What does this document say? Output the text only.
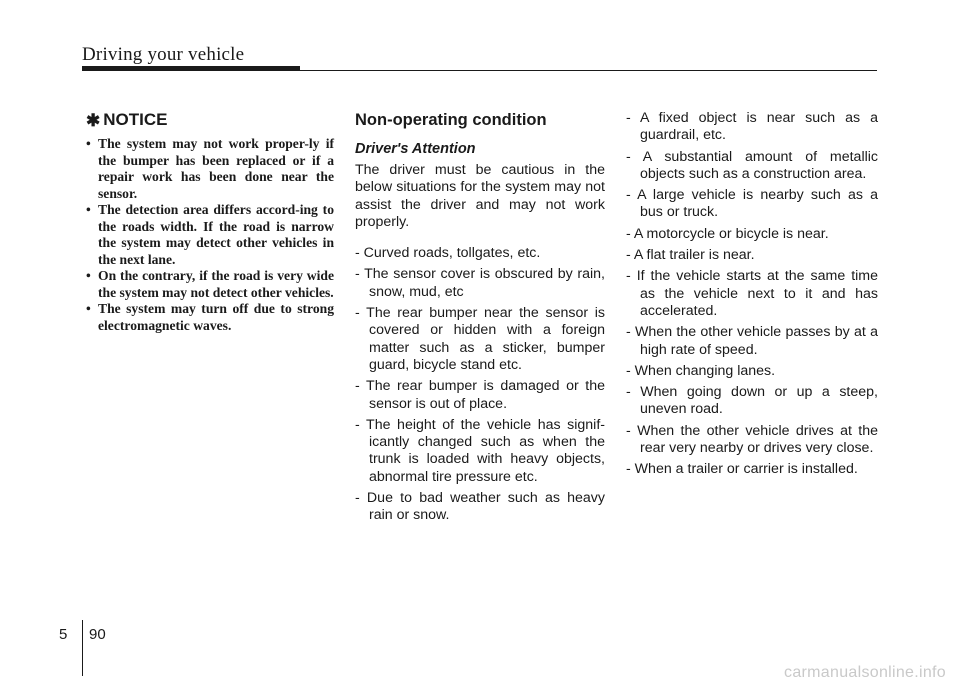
Driving your vehicle
✱ NOTICE
• The system may not work proper-ly if the bumper has been replaced or if a repair work has been done near the sensor.
• The detection area differs accord-ing to the roads width. If the road is narrow the system may detect other vehicles in the next lane.
• On the contrary, if the road is very wide the system may not detect other vehicles.
• The system may turn off due to strong electromagnetic waves.
Non-operating condition
Driver's Attention

The driver must be cautious in the below situations for the system may not assist the driver and may not work properly.

- Curved roads, tollgates, etc.
- The sensor cover is obscured by rain, snow, mud, etc
- The rear bumper near the sensor is covered or hidden with a foreign matter such as a sticker, bumper guard, bicycle stand etc.
- The rear bumper is damaged or the sensor is out of place.
- The height of the vehicle has signif-icantly changed such as when the trunk is loaded with heavy objects, abnormal tire pressure etc.
- Due to bad weather such as heavy rain or snow.
- A fixed object is near such as a guardrail, etc.
- A substantial amount of metallic objects such as a construction area.
- A large vehicle is nearby such as a bus or truck.
- A motorcycle or bicycle is near.
- A flat trailer is near.
- If the vehicle starts at the same time as the vehicle next to it and has accelerated.
- When the other vehicle passes by at a high rate of speed.
- When changing lanes.
- When going down or up a steep, uneven road.
- When the other vehicle drives at the rear very nearby or drives very close.
- When a trailer or carrier is installed.
5 90
carmanualsonline.info
